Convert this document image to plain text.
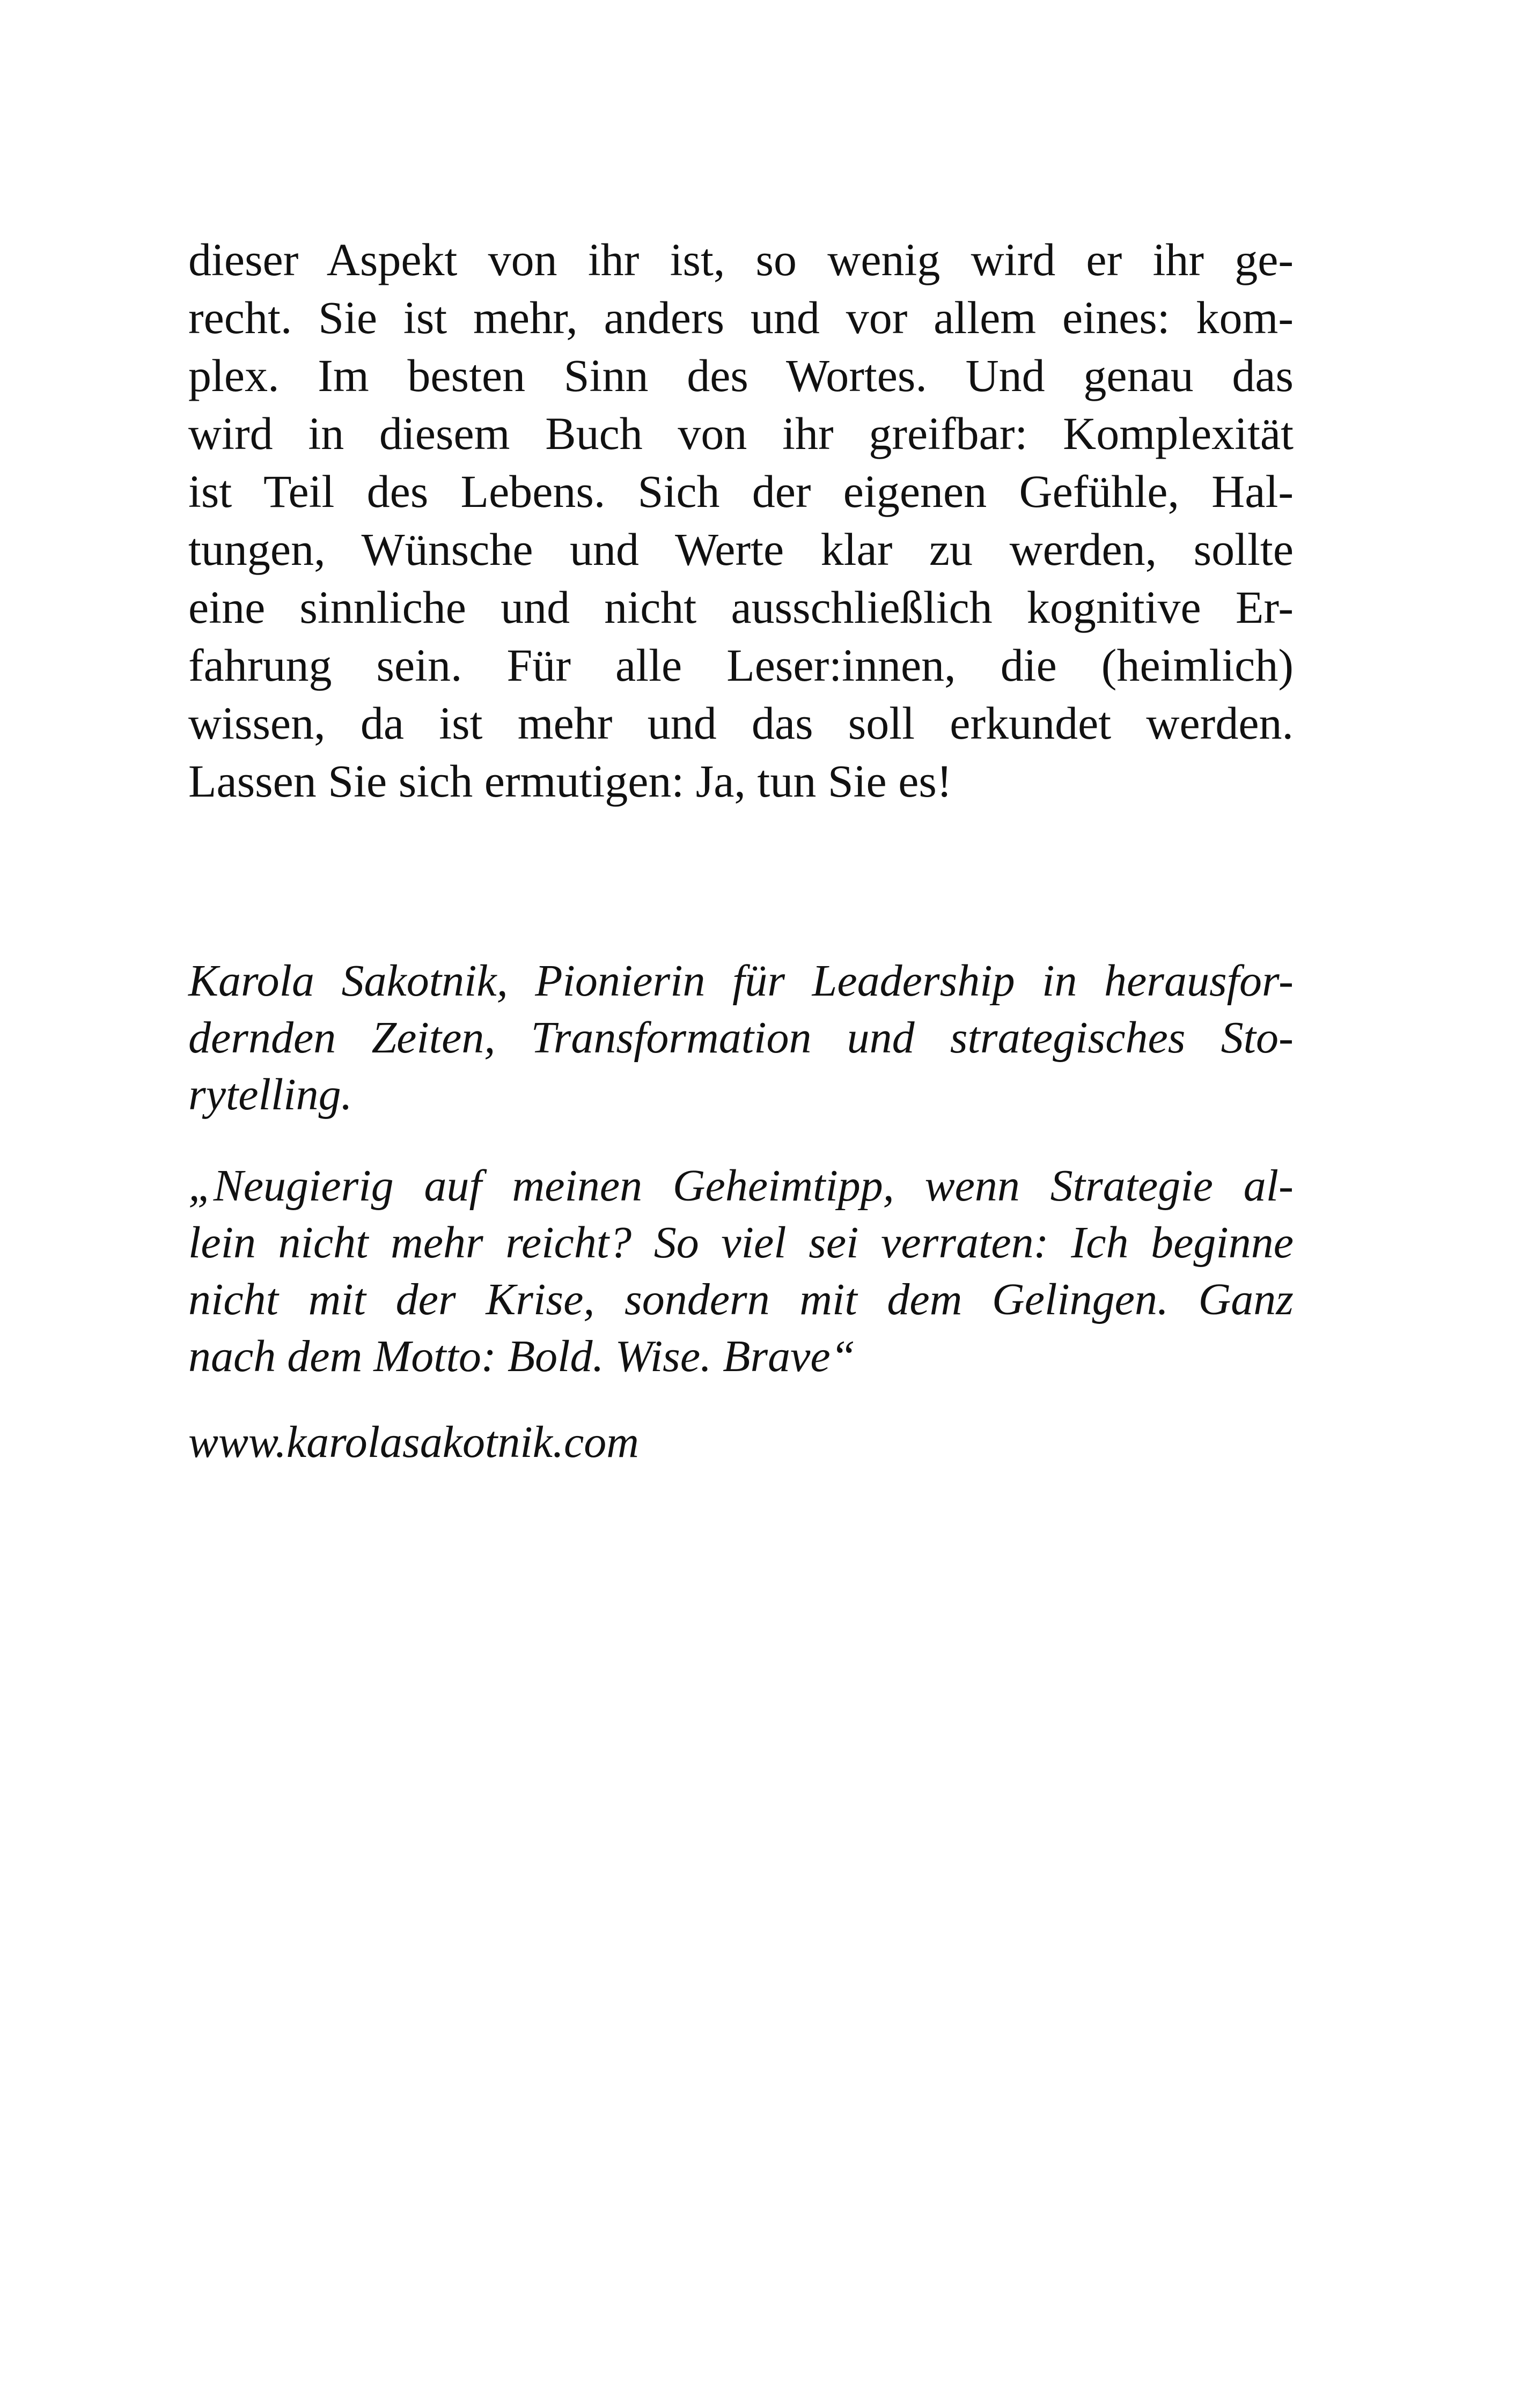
dieser Aspekt von ihr ist, so wenig wird er ihr ge-
recht. Sie ist mehr, anders und vor allem eines: kom-
plex. Im besten Sinn des Wortes. Und genau das
wird in diesem Buch von ihr greifbar: Komplexität
ist Teil des Lebens. Sich der eigenen Gefühle, Hal-
tungen, Wünsche und Werte klar zu werden, sollte
eine sinnliche und nicht ausschließlich kognitive Er-
fahrung sein. Für alle Leser:innen, die (heimlich)
wissen, da ist mehr und das soll erkundet werden.
Lassen Sie sich ermutigen: Ja, tun Sie es!
Karola Sakotnik, Pionierin für Leadership in herausfor-
dernden Zeiten, Transformation und strategisches Sto-
rytelling.
„Neugierig auf meinen Geheimtipp, wenn Strategie al-
lein nicht mehr reicht? So viel sei verraten: Ich beginne
nicht mit der Krise, sondern mit dem Gelingen. Ganz
nach dem Motto: Bold. Wise. Brave“
www.karolasakotnik.com
